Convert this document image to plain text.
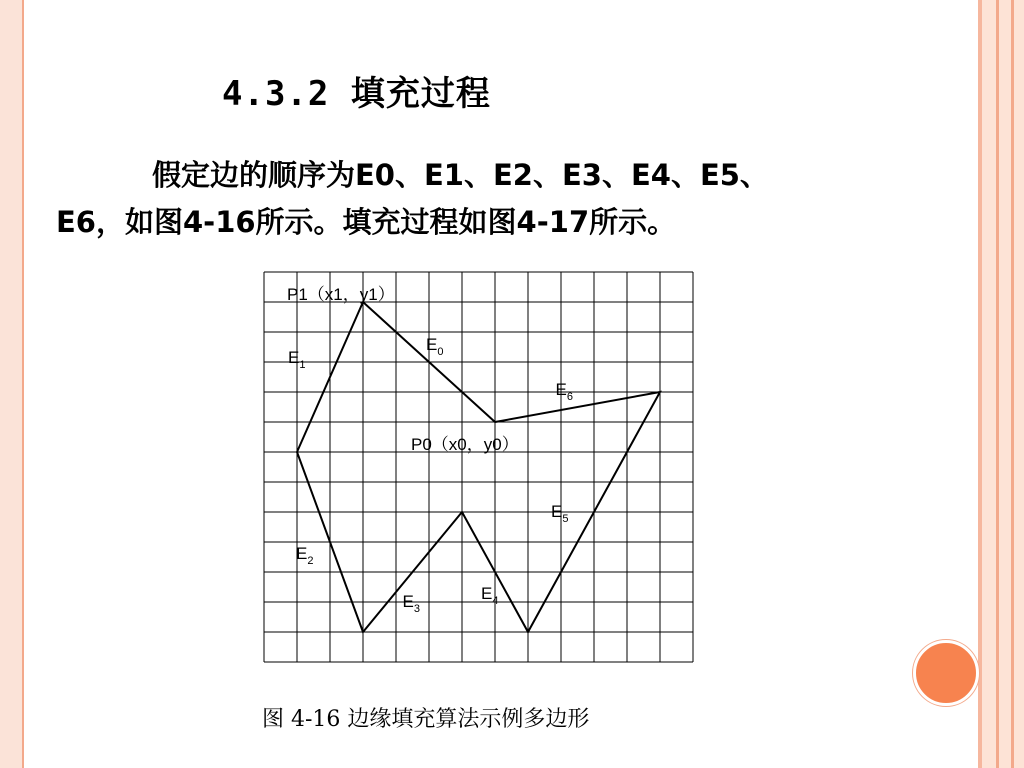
4.3.2 填充过程
假定边的顺序为E0、E1、E2、E3、E4、E5、
E6，如图4-16所示。填充过程如图4-17所示。
P1（x1，y1）
P0（x0，y0）
$E_0$
$E_1$
$E_2$
$E_3$
$E_4$
$E_5$
$E_6$
图 4-16 边缘填充算法示例多边形
